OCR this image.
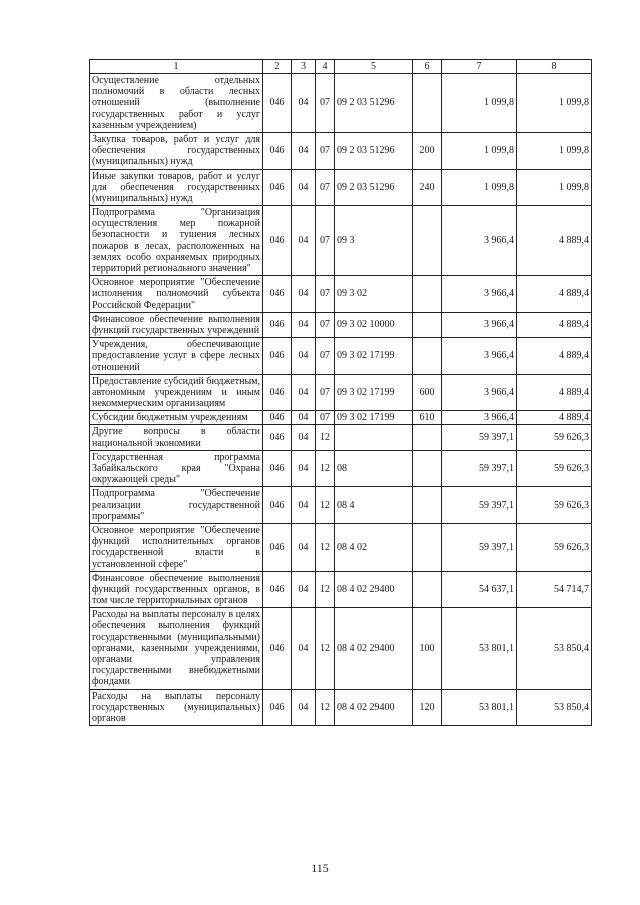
1	2	3	4	5	6	7	8
Осуществление отдельных полномочий в области лесных отношений (выполнение государственных работ и услуг казенным учреждением)	046	04	07	09 2 03 51296		1 099,8	1 099,8
Закупка товаров, работ и услуг для обеспечения государственных (муниципальных) нужд	046	04	07	09 2 03 51296	200	1 099,8	1 099,8
Иные закупки товаров, работ и услуг для обеспечения государственных (муниципальных) нужд	046	04	07	09 2 03 51296	240	1 099,8	1 099,8
Подпрограмма "Организация осуществления мер пожарной безопасности и тушения лесных пожаров в лесах, расположенных на землях особо охраняемых природных территорий регионального значения"	046	04	07	09 3		3 966,4	4 889,4
Основное мероприятие "Обеспечение исполнения полномочий субъекта Российской Федерации"	046	04	07	09 3 02		3 966,4	4 889,4
Финансовое обеспечение выполнения функций государственных учреждений	046	04	07	09 3 02 10000		3 966,4	4 889,4
Учреждения, обеспечивающие предоставление услуг в сфере лесных отношений	046	04	07	09 3 02 17199		3 966,4	4 889,4
Предоставление субсидий бюджетным, автономным учреждениям и иным некоммерческим организациям	046	04	07	09 3 02 17199	600	3 966,4	4 889,4
Субсидии бюджетным учреждениям	046	04	07	09 3 02 17199	610	3 966,4	4 889,4
Другие вопросы в области национальной экономики	046	04	12			59 397,1	59 626,3
Государственная программа Забайкальского края "Охрана окружающей среды"	046	04	12	08		59 397,1	59 626,3
Подпрограмма "Обеспечение реализации государственной программы"	046	04	12	08 4		59 397,1	59 626,3
Основное мероприятие "Обеспечение функций исполнительных органов государственной власти в установленной сфере"	046	04	12	08 4 02		59 397,1	59 626,3
Финансовое обеспечение выполнения функций государственных органов, в том числе территориальных органов	046	04	12	08 4 02 29400		54 637,1	54 714,7
Расходы на выплаты персоналу в целях обеспечения выполнения функций государственными (муниципальными) органами, казенными учреждениями, органами управления государственными внебюджетными фондами	046	04	12	08 4 02 29400	100	53 801,1	53 850,4
Расходы на выплаты персоналу государственных (муниципальных) органов	046	04	12	08 4 02 29400	120	53 801,1	53 850,4
115
